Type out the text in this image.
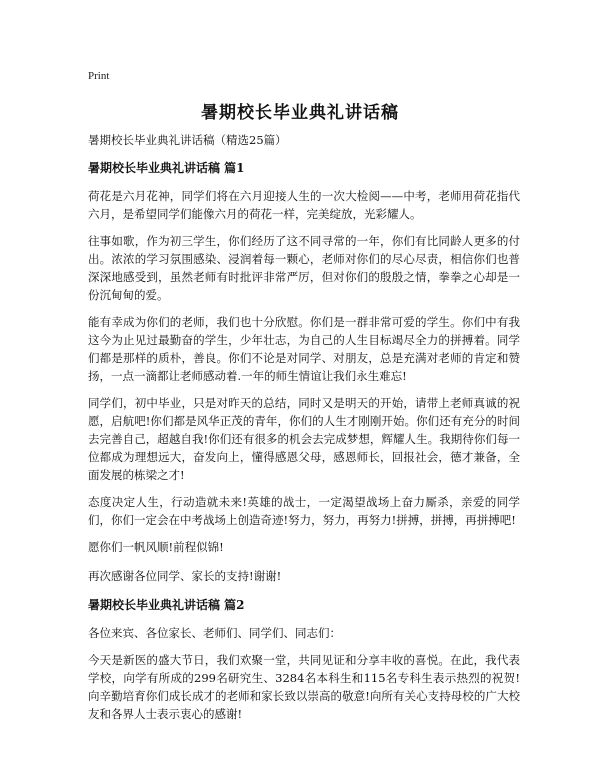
Print
暑期校长毕业典礼讲话稿
暑期校长毕业典礼讲话稿（精选25篇）
暑期校长毕业典礼讲话稿 篇1

荷花是六月花神，同学们将在六月迎接人生的一次大检阅——中考，老师用荷花指代六月，是希望同学们能像六月的荷花一样，完美绽放，光彩耀人。

往事如歌，作为初三学生，你们经历了这不同寻常的一年，你们有比同龄人更多的付出。浓浓的学习氛围感染、浸润着每一颗心，老师对你们的尽心尽责，相信你们也普深深地感受到，虽然老师有时批评非常严厉，但对你们的殷殷之情，拳拳之心却是一份沉甸甸的爱。

能有幸成为你们的老师，我们也十分欣慰。你们是一群非常可爱的学生。你们中有我这今为止见过最勤奋的学生，少年壮志，为自己的人生目标竭尽全力的拼搏着。同学们都是那样的质朴，善良。你们不论是对同学、对朋友，总是充满对老师的肯定和赞扬，一点一滴都让老师感动着.一年的师生情谊让我们永生难忘!

同学们，初中毕业，只是对昨天的总结，同时又是明天的开始，请带上老师真诚的祝愿，启航吧!你们都是风华正茂的青年，你们的人生才刚刚开始。你们还有充分的时间去完善自己，超越自我!你们还有很多的机会去完成梦想，辉耀人生。我期待你们每一位都成为理想远大，奋发向上，懂得感恩父母，感恩师长，回报社会，德才兼备，全面发展的栋梁之才!

态度决定人生，行动造就未来!英雄的战士，一定渴望战场上奋力厮杀，亲爱的同学们，你们一定会在中考战场上创造奇迹!努力，努力，再努力!拼搏，拼搏，再拼搏吧!

愿你们一帆风顺!前程似锦!

再次感谢各位同学、家长的支持!谢谢!

暑期校长毕业典礼讲话稿 篇2

各位来宾、各位家长、老师们、同学们、同志们：

今天是新医的盛大节日，我们欢聚一堂，共同见证和分享丰收的喜悦。在此，我代表学校，向学有所成的299名研究生、3284名本科生和115名专科生表示热烈的祝贺!向辛勤培育你们成长成才的老师和家长致以崇高的敬意!向所有关心支持母校的广大校友和各界人士表示衷心的感谢!
